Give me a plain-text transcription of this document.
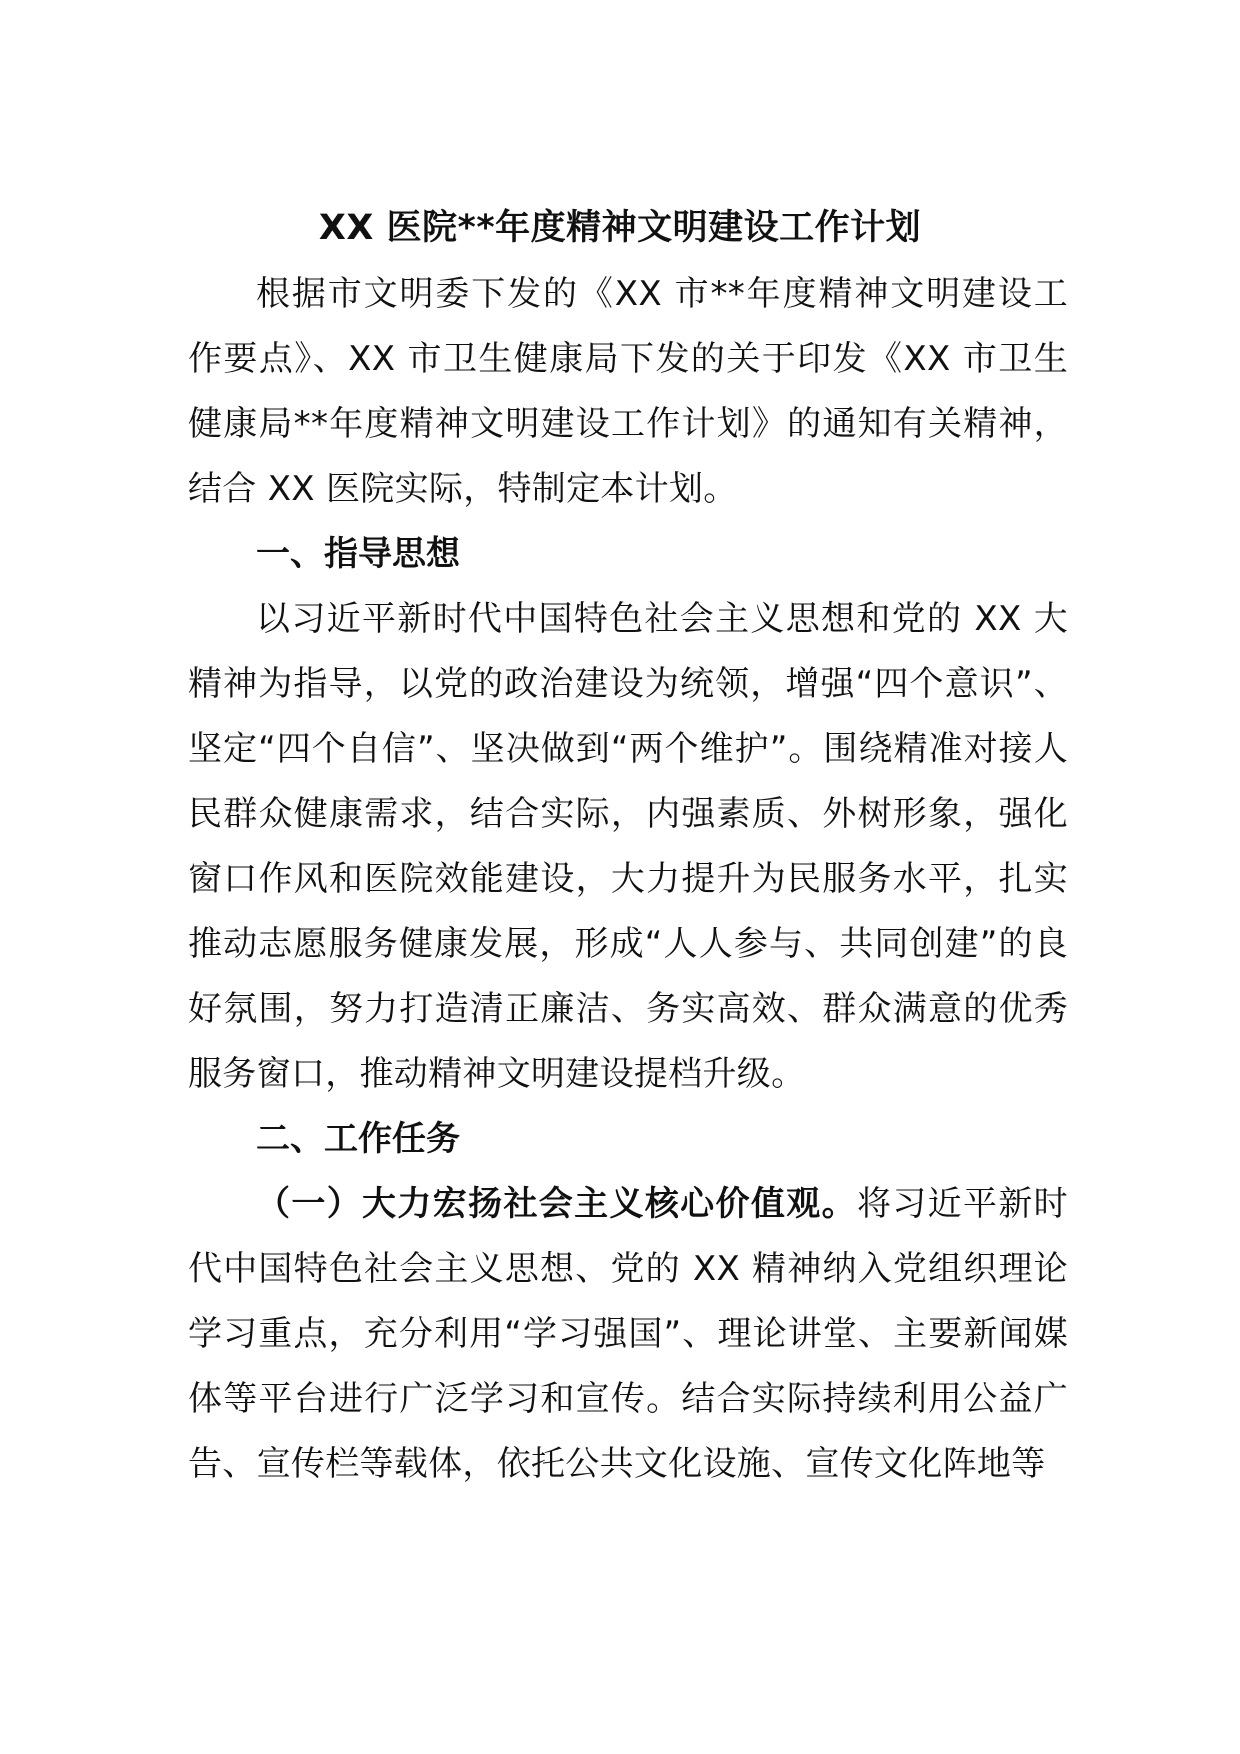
XX 医院**年度精神文明建设工作计划

根据市文明委下发的《XX 市**年度精神文明建设工作要点》、XX 市卫生健康局下发的关于印发《XX 市卫生健康局**年度精神文明建设工作计划》的通知有关精神，结合 XX 医院实际，特制定本计划。

一、指导思想

以习近平新时代中国特色社会主义思想和党的 XX 大精神为指导，以党的政治建设为统领，增强“四个意识”、坚定“四个自信”、坚决做到“两个维护”。围绕精准对接人民群众健康需求，结合实际，内强素质、外树形象，强化窗口作风和医院效能建设，大力提升为民服务水平，扎实推动志愿服务健康发展，形成“人人参与、共同创建”的良好氛围，努力打造清正廉洁、务实高效、群众满意的优秀服务窗口，推动精神文明建设提档升级。

二、工作任务

（一）大力宏扬社会主义核心价值观。将习近平新时代中国特色社会主义思想、党的 XX 精神纳入党组织理论学习重点，充分利用“学习强国”、理论讲堂、主要新闻媒体等平台进行广泛学习和宣传。结合实际持续利用公益广告、宣传栏等载体，依托公共文化设施、宣传文化阵地等
